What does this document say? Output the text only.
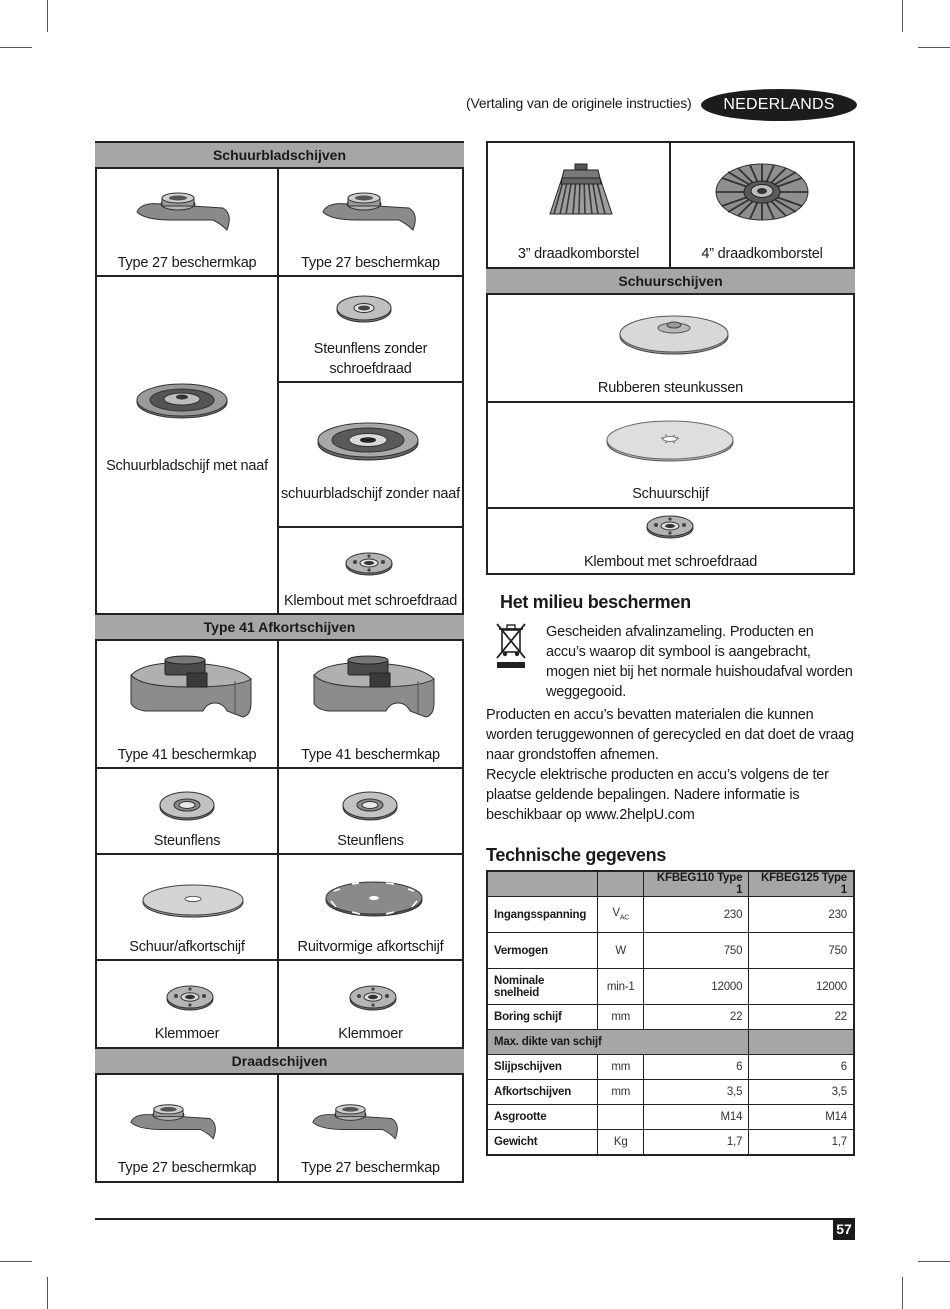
(Vertaling van de originele instructies)	NEDERLANDS
Schuurbladschijven
Type 27 beschermkap	Type 27 beschermkap
Schuurbladschijf met naaf
Steunflens zonder schroefdraad
schuurbladschijf zonder naaf
Klembout met schroefdraad
Type 41 Afkortschijven
Type 41 beschermkap	Type 41 beschermkap
Steunflens	Steunflens
Schuur/afkortschijf	Ruitvormige afkortschijf
Klemmoer	Klemmoer
Draadschijven
Type 27 beschermkap	Type 27 beschermkap
3” draadkomborstel	4” draadkomborstel
Schuurschijven
Rubberen steunkussen
Schuurschijf
Klembout met schroefdraad
Het milieu beschermen
Gescheiden afvalinzameling. Producten en accu’s waarop dit symbool is aangebracht, mogen niet bij het normale huishoudafval worden weggegooid.
Producten en accu’s bevatten materialen die kunnen worden teruggewonnen of gerecycled en dat doet de vraag naar grondstoffen afnemen.
Recycle elektrische producten en accu’s volgens de ter plaatse geldende bepalingen. Nadere informatie is beschikbaar op www.2helpU.com
Technische gegevens
		KFBEG110 Type 1	KFBEG125 Type 1
Ingangsspanning	$V_{AC}$	230	230
Vermogen	W	750	750
Nominale snelheid	min-1	12000	12000
Boring schijf	mm	22	22
Max. dikte van schijf			
Slijpschijven	mm	6	6
Afkortschijven	mm	3,5	3,5
Asgrootte		M14	M14
Gewicht	Kg	1,7	1,7
57
